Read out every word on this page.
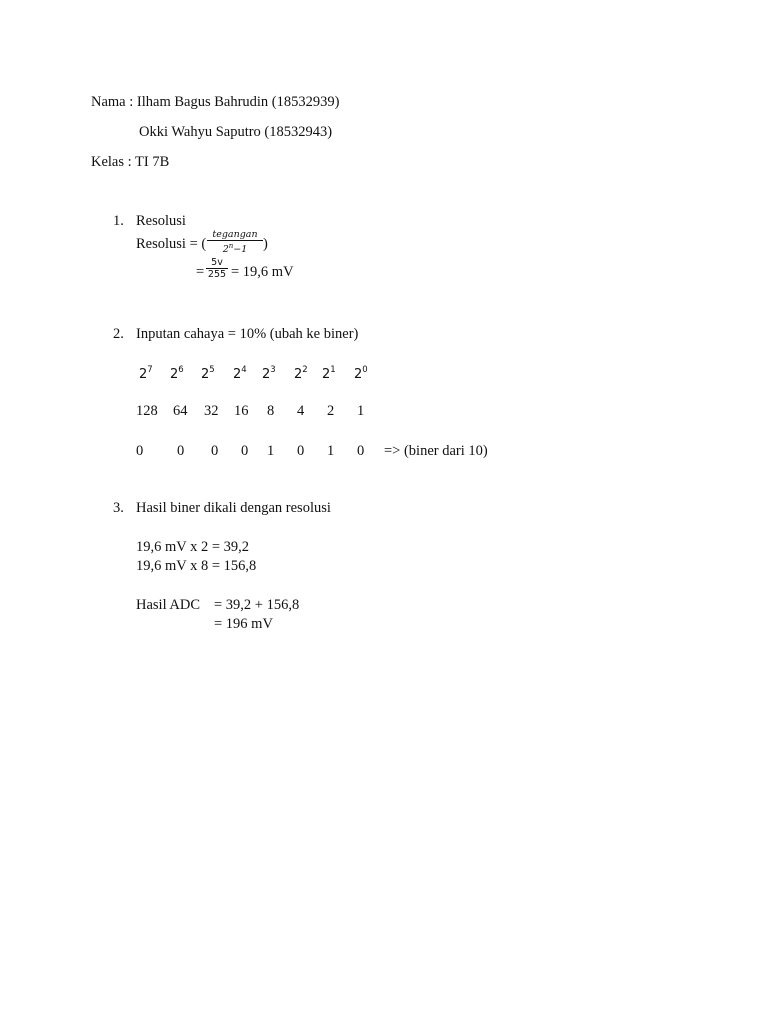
Nama : Ilham Bagus Bahrudin (18532939)
Okki Wahyu Saputro (18532943)
Kelas : TI 7B
1. Resolusi
Resolusi = (
tegangan
$2^n-1$	)
=
5v
255 = 19,6 mV
2. Inputan cahaya = 10% (ubah ke biner)
$2^7$ $2^6$ $2^5$ $2^4$ $2^3$ $2^2$ $2^1$ $2^0$
128 64 32 16 8 4 2 1
0 0 0 0 1 0 1 0 => (biner dari 10)
3. Hasil biner dikali dengan resolusi
19,6 mV x 2 = 39,2
19,6 mV x 8 = 156,8
Hasil ADC = 39,2 + 156,8
= 196 mV
